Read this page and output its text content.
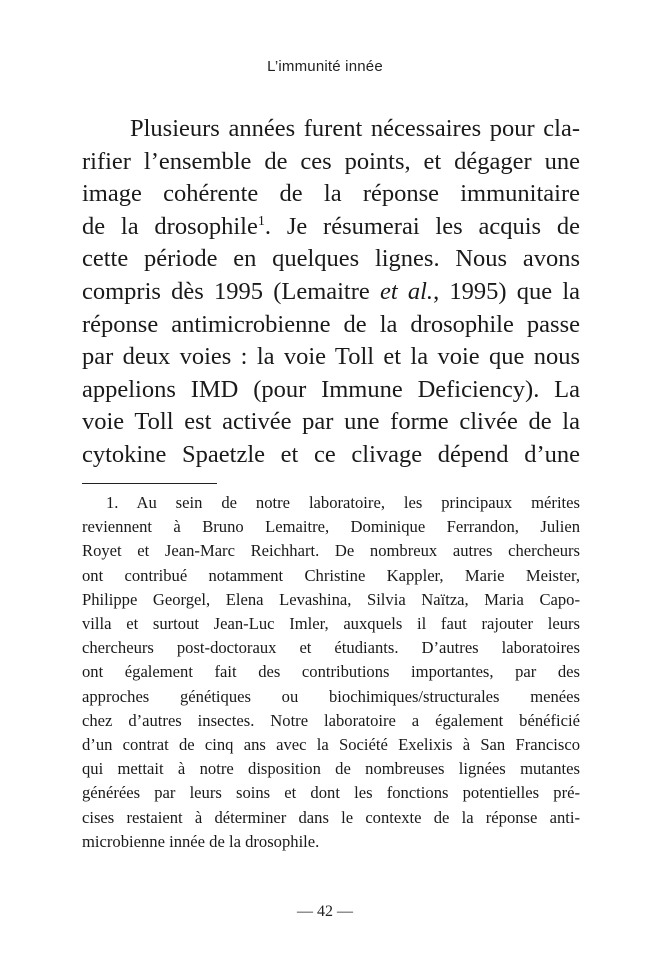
L’immunité innée
Plusieurs années furent nécessaires pour cla-
rifier l’ensemble de ces points, et dégager une
image cohérente de la réponse immunitaire
de la drosophile$^1$. Je résumerai les acquis de
cette période en quelques lignes. Nous avons
compris dès 1995 (Lemaitre et al., 1995) que la
réponse antimicrobienne de la drosophile passe
par deux voies : la voie Toll et la voie que nous
appelions IMD (pour Immune Deficiency). La
voie Toll est activée par une forme clivée de la
cytokine Spaetzle et ce clivage dépend d’une
1. Au sein de notre laboratoire, les principaux mérites
reviennent à Bruno Lemaitre, Dominique Ferrandon, Julien
Royet et Jean-Marc Reichhart. De nombreux autres chercheurs
ont contribué notamment Christine Kappler, Marie Meister,
Philippe Georgel, Elena Levashina, Silvia Naïtza, Maria Capo-
villa et surtout Jean-Luc Imler, auxquels il faut rajouter leurs
chercheurs post-doctoraux et étudiants. D’autres laboratoires
ont également fait des contributions importantes, par des
approches génétiques ou biochimiques/structurales menées
chez d’autres insectes. Notre laboratoire a également bénéficié
d’un contrat de cinq ans avec la Société Exelixis à San Francisco
qui mettait à notre disposition de nombreuses lignées mutantes
générées par leurs soins et dont les fonctions potentielles pré-
cises restaient à déterminer dans le contexte de la réponse anti-
microbienne innée de la drosophile.
— 42 —
